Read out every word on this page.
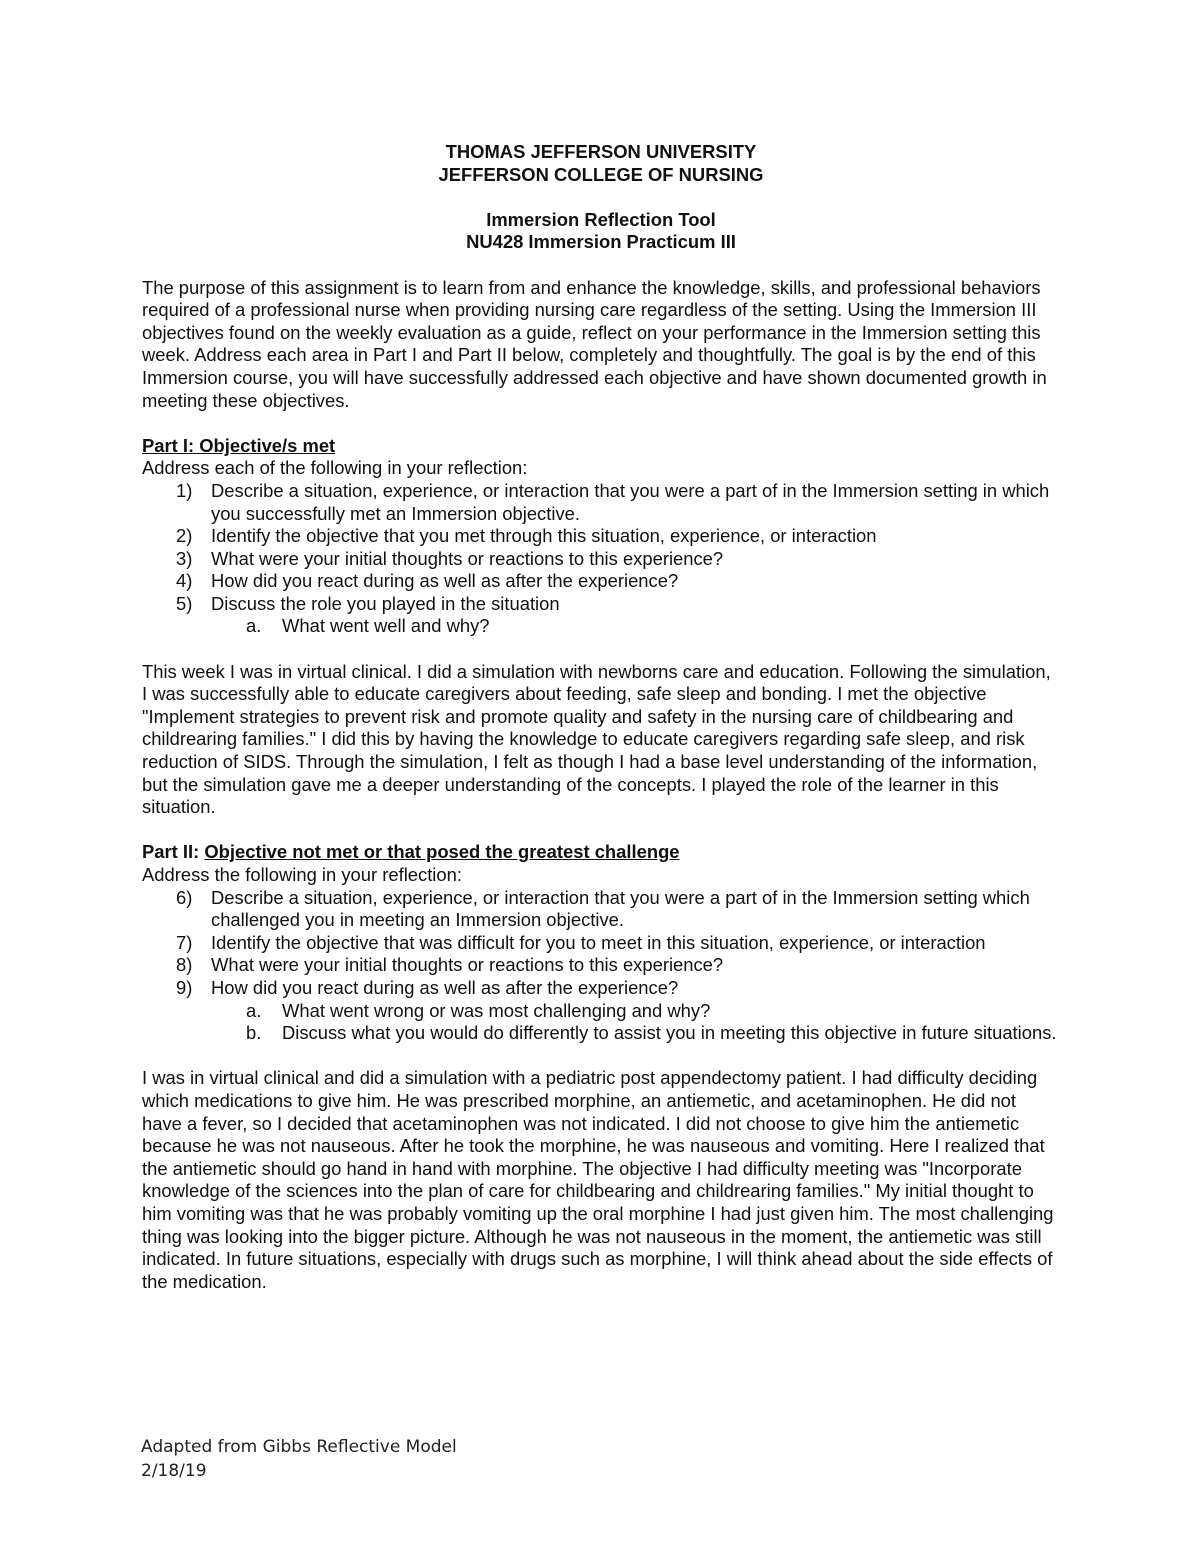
THOMAS JEFFERSON UNIVERSITY
JEFFERSON COLLEGE OF NURSING
Immersion Reflection Tool
NU428 Immersion Practicum III

The purpose of this assignment is to learn from and enhance the knowledge, skills, and professional behaviors required of a professional nurse when providing nursing care regardless of the setting. Using the Immersion III objectives found on the weekly evaluation as a guide, reflect on your performance in the Immersion setting this week. Address each area in Part I and Part II below, completely and thoughtfully. The goal is by the end of this Immersion course, you will have successfully addressed each objective and have shown documented growth in meeting these objectives.

Part I: Objective/s met

Address each of the following in your reflection:

1) Describe a situation, experience, or interaction that you were a part of in the Immersion setting in which you successfully met an Immersion objective.
2) Identify the objective that you met through this situation, experience, or interaction
3) What were your initial thoughts or reactions to this experience?
4) How did you react during as well as after the experience?
5) Discuss the role you played in the situation
a. What went well and why?

This week I was in virtual clinical. I did a simulation with newborns care and education. Following the simulation, I was successfully able to educate caregivers about feeding, safe sleep and bonding. I met the objective "Implement strategies to prevent risk and promote quality and safety in the nursing care of childbearing and childrearing families." I did this by having the knowledge to educate caregivers regarding safe sleep, and risk reduction of SIDS. Through the simulation, I felt as though I had a base level understanding of the information, but the simulation gave me a deeper understanding of the concepts. I played the role of the learner in this situation.

Part II: Objective not met or that posed the greatest challenge

Address the following in your reflection:

6) Describe a situation, experience, or interaction that you were a part of in the Immersion setting which challenged you in meeting an Immersion objective.
7) Identify the objective that was difficult for you to meet in this situation, experience, or interaction
8) What were your initial thoughts or reactions to this experience?
9) How did you react during as well as after the experience?
a. What went wrong or was most challenging and why?
b. Discuss what you would do differently to assist you in meeting this objective in future situations.

I was in virtual clinical and did a simulation with a pediatric post appendectomy patient. I had difficulty deciding which medications to give him. He was prescribed morphine, an antiemetic, and acetaminophen. He did not have a fever, so I decided that acetaminophen was not indicated. I did not choose to give him the antiemetic because he was not nauseous. After he took the morphine, he was nauseous and vomiting. Here I realized that the antiemetic should go hand in hand with morphine. The objective I had difficulty meeting was "Incorporate knowledge of the sciences into the plan of care for childbearing and childrearing families." My initial thought to him vomiting was that he was probably vomiting up the oral morphine I had just given him. The most challenging thing was looking into the bigger picture. Although he was not nauseous in the moment, the antiemetic was still indicated. In future situations, especially with drugs such as morphine, I will think ahead about the side effects of the medication.

Adapted from Gibbs Reflective Model
2/18/19
